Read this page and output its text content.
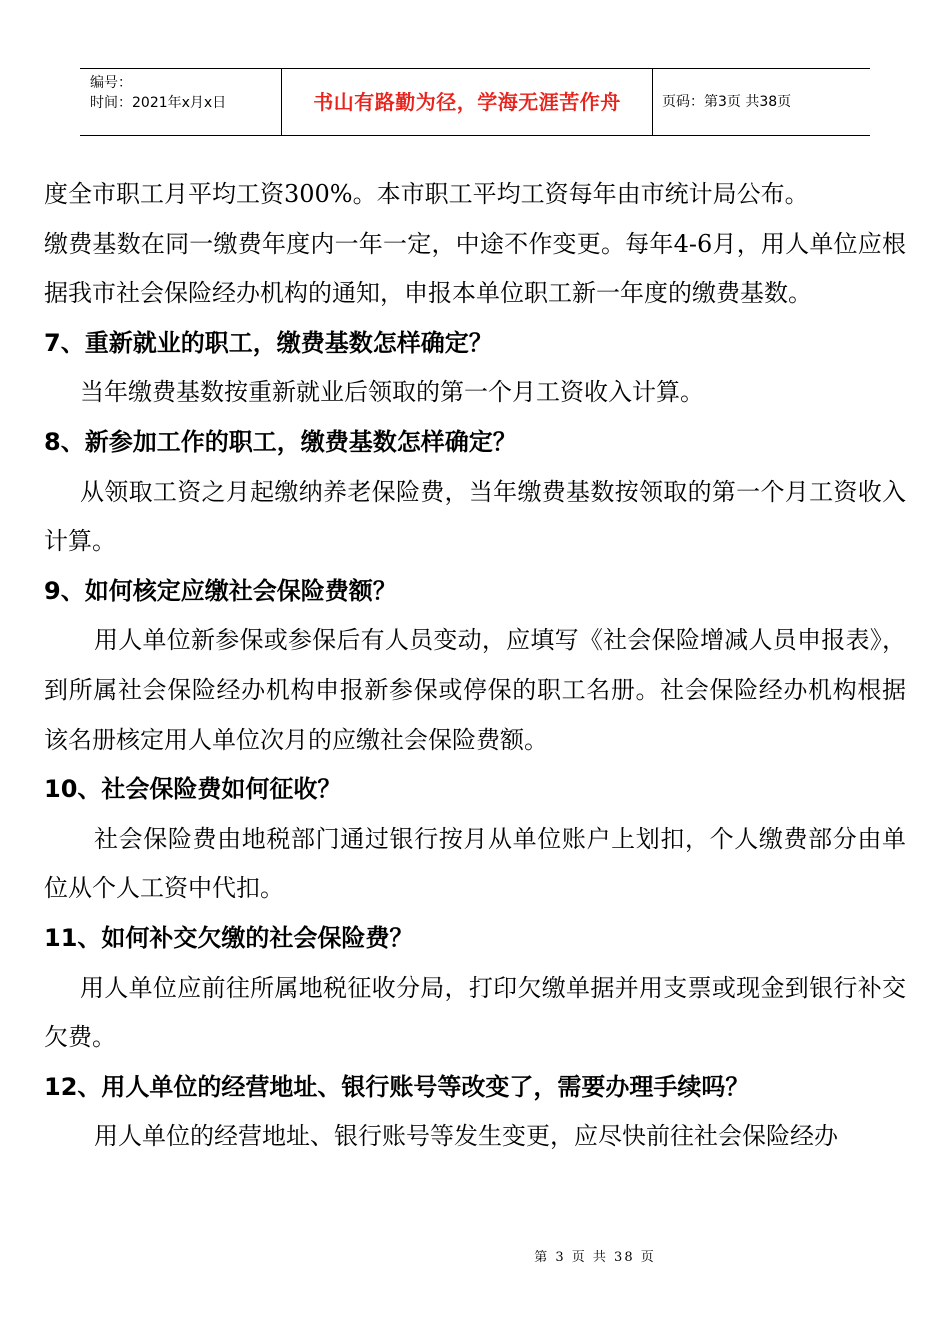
编号：
时间：2021年x月x日	书山有路勤为径，学海无涯苦作舟	页码：第3页 共38页

度全市职工月平均工资300%。本市职工平均工资每年由市统计局公布。

缴费基数在同一缴费年度内一年一定，中途不作变更。每年4-6月，用人单位应根据我市社会保险经办机构的通知，申报本单位职工新一年度的缴费基数。

7、重新就业的职工，缴费基数怎样确定？

当年缴费基数按重新就业后领取的第一个月工资收入计算。

8、新参加工作的职工，缴费基数怎样确定？

从领取工资之月起缴纳养老保险费，当年缴费基数按领取的第一个月工资收入计算。

9、如何核定应缴社会保险费额？

用人单位新参保或参保后有人员变动，应填写《社会保险增减人员申报表》，到所属社会保险经办机构申报新参保或停保的职工名册。社会保险经办机构根据该名册核定用人单位次月的应缴社会保险费额。

10、社会保险费如何征收？

社会保险费由地税部门通过银行按月从单位账户上划扣，个人缴费部分由单位从个人工资中代扣。

11、如何补交欠缴的社会保险费？

用人单位应前往所属地税征收分局，打印欠缴单据并用支票或现金到银行补交欠费。

12、用人单位的经营地址、银行账号等改变了，需要办理手续吗？

用人单位的经营地址、银行账号等发生变更，应尽快前往社会保险经办

第 3 页 共 38 页
